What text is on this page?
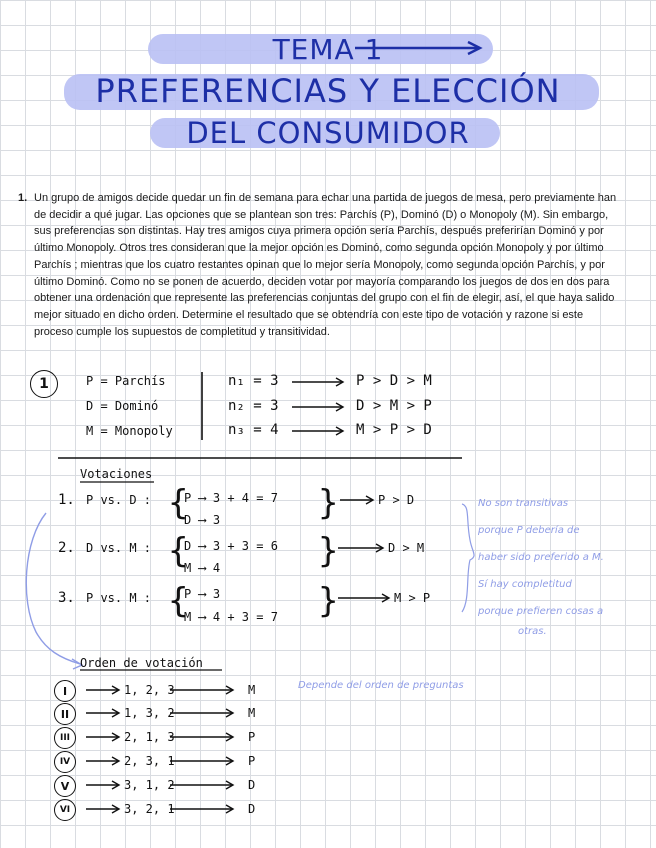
TEMA 1
PREFERENCIAS Y ELECCIÓN
DEL CONSUMIDOR
1. Un grupo de amigos decide quedar un fin de semana para echar una partida de juegos de mesa, pero previamente han de decidir a qué jugar. Las opciones que se plantean son tres: Parchís (P), Dominó (D) o Monopoly (M). Sin embargo, sus preferencias son distintas. Hay tres amigos cuya primera opción sería Parchís, después preferirían Dominó y por último Monopoly. Otros tres consideran que la mejor opción es Dominó, como segunda opción Monopoly y por último Parchís ; mientras que los cuatro restantes opinan que lo mejor sería Monopoly, como segunda opción Parchís, y por último Dominó. Como no se ponen de acuerdo, deciden votar por mayoría comparando los juegos de dos en dos para obtener una ordenación que represente las preferencias conjuntas del grupo con el fin de elegir, así, el que haya salido mejor situado en dicho orden. Determine el resultado que se obtendría con este tipo de votación y razone si este proceso cumple los supuestos de completitud y transitividad.
1	P = Parchís
D = Dominó
M = Monopoly
n₁ = 3	P > D > M
n₂ = 3	D > M > P
n₃ = 4	M > P > D
Votaciones
1. P vs. D : {
P ⟶ 3 + 4 = 7
D ⟶ 3	}	P > D
2. D vs. M : {
D ⟶ 3 + 3 = 6
M ⟶ 4	}	D > M
3. P vs. M : {
P ⟶ 3
M ⟶ 4 + 3 = 7 }	M > P
No son transitivas
porque P debería de
haber sido preferido a M.
Sí hay completitud
porque prefieren cosas a
otras.
Orden de votación
Depende del orden de preguntas
I	1, 2, 3	M
II	1, 3, 2	M
III	2, 1, 3	P
IV	2, 3, 1	P
V	3, 1, 2	D
VI	3, 2, 1	D
